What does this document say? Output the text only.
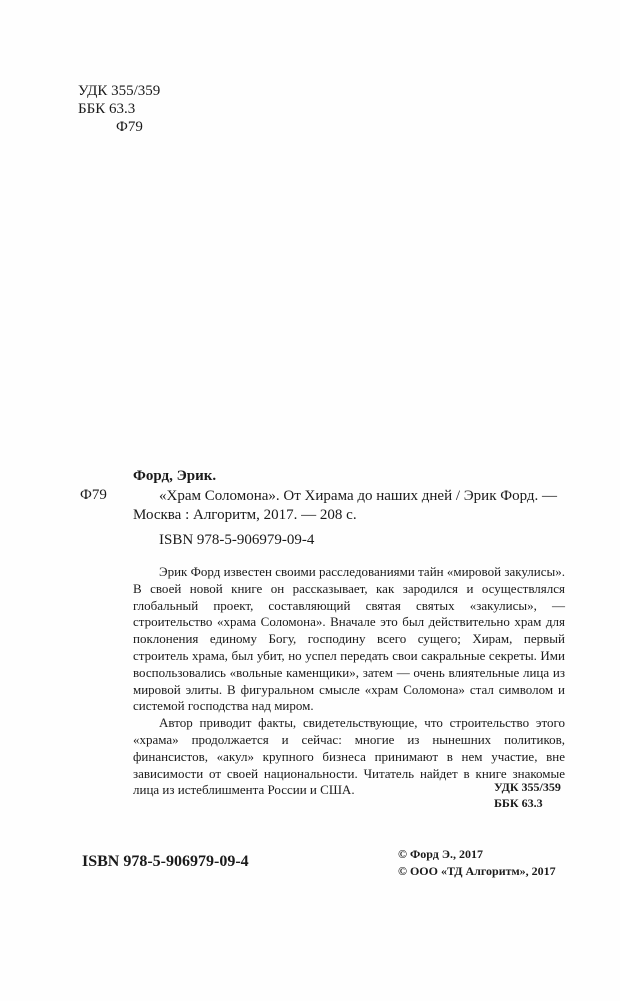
УДК 355/359
ББК 63.3
Ф79
Форд, Эрик.
Ф79	«Храм Соломона». От Хирама до наших дней / Эрик Форд. — Москва : Алгоритм, 2017. — 208 с.
ISBN 978-5-906979-09-4

Эрик Форд известен своими расследованиями тайн «мировой закулисы». В своей новой книге он рассказывает, как зародился и осуществлялся глобальный проект, составляющий святая святых «закулисы», — строительство «храма Соломона». Вначале это был действительно храм для поклонения единому Богу, господину всего сущего; Хирам, первый строитель храма, был убит, но успел передать свои сакральные секреты. Ими воспользовались «вольные каменщики», затем — очень влиятельные лица из мировой элиты. В фигуральном смысле «храм Соломона» стал символом и системой господства над миром.

Автор приводит факты, свидетельствующие, что строительство этого «храма» продолжается и сейчас: многие из нынешних политиков, финансистов, «акул» крупного бизнеса принимают в нем участие, вне зависимости от своей национальности. Читатель найдет в книге знакомые лица из истеблишмента России и США.	УДК 355/359
ББК 63.3
ISBN 978-5-906979-09-4	© Форд Э., 2017
© ООО «ТД Алгоритм», 2017
